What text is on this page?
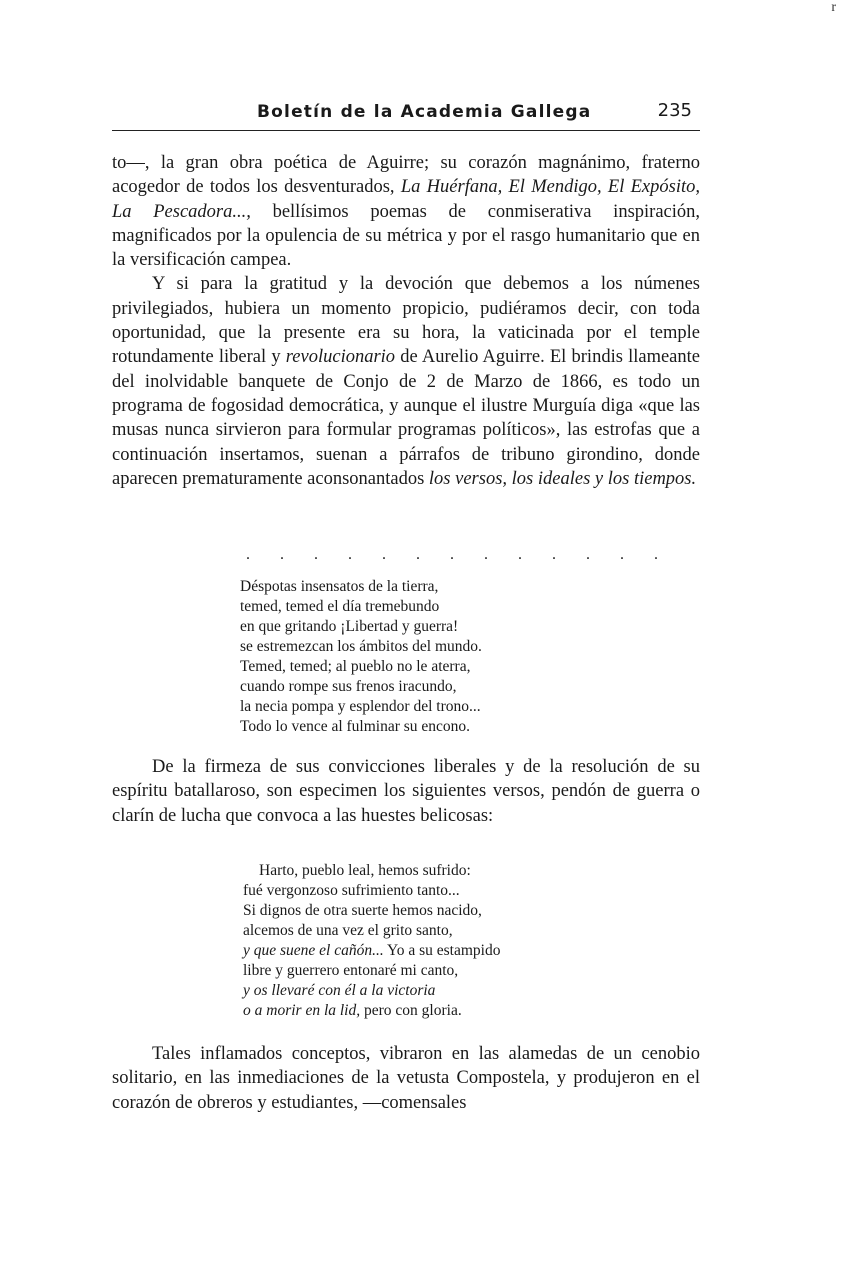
r
Boletín de la Academia Gallega	235

to—, la gran obra poética de Aguirre; su corazón magnánimo, fraterno acogedor de todos los desventurados, La Huérfana, El Mendigo, El Expósito, La Pescadora..., bellísimos poemas de conmiserativa inspiración, magnificados por la opulencia de su métrica y por el rasgo humanitario que en la versificación campea.

Y si para la gratitud y la devoción que debemos a los númenes privilegiados, hubiera un momento propicio, pudiéramos decir, con toda oportunidad, que la presente era su hora, la vaticinada por el temple rotundamente liberal y revolucionario de Aurelio Aguirre. El brindis llameante del inolvidable banquete de Conjo de 2 de Marzo de 1866, es todo un programa de fogosidad democrática, y aunque el ilustre Murguía diga «que las musas nunca sirvieron para formular programas políticos», las estrofas que a continuación insertamos, suenan a párrafos de tribuno girondino, donde aparecen prematuramente aconsonantados los versos, los ideales y los tiempos.

. . . . . . . . . . . . .
Déspotas insensatos de la tierra,
temed, temed el día tremebundo
en que gritando ¡Libertad y guerra!
se estremezcan los ámbitos del mundo.
Temed, temed; al pueblo no le aterra,
cuando rompe sus frenos iracundo,
la necia pompa y esplendor del trono...
Todo lo vence al fulminar su encono.

De la firmeza de sus convicciones liberales y de la resolución de su espíritu batallaroso, son especimen los siguientes versos, pendón de guerra o clarín de lucha que convoca a las huestes belicosas:

Harto, pueblo leal, hemos sufrido:
fué vergonzoso sufrimiento tanto...
Si dignos de otra suerte hemos nacido,
alcemos de una vez el grito santo,
y que suene el cañón... Yo a su estampido
libre y guerrero entonaré mi canto,
y os llevaré con él a la victoria
o a morir en la lid, pero con gloria.

Tales inflamados conceptos, vibraron en las alamedas de un cenobio solitario, en las inmediaciones de la vetusta Compostela, y produjeron en el corazón de obreros y estudiantes, —comensales
